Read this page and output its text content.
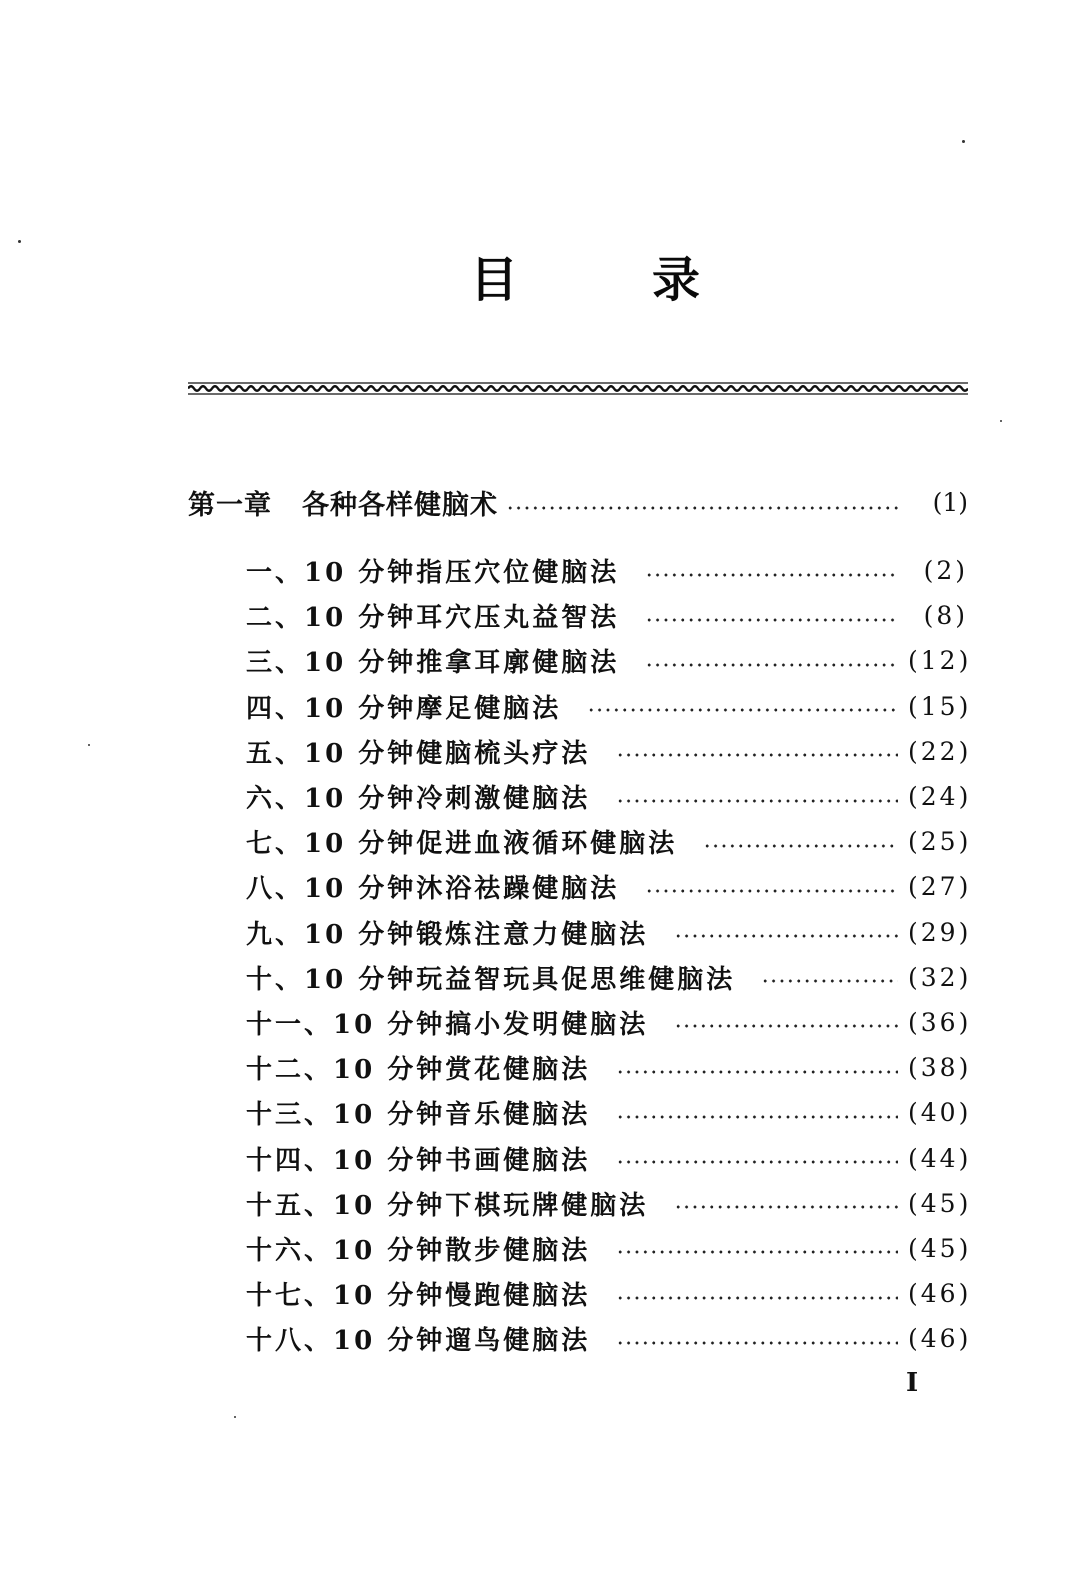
目	录
第一章 各种各样健脑术	(1)
一、10 分钟指压穴位健脑法	(2)
二、10 分钟耳穴压丸益智法	(8)
三、10 分钟推拿耳廓健脑法	(12)
四、10 分钟摩足健脑法	(15)
五、10 分钟健脑梳头疗法	(22)
六、10 分钟冷刺激健脑法	(24)
七、10 分钟促进血液循环健脑法	(25)
八、10 分钟沐浴祛躁健脑法	(27)
九、10 分钟锻炼注意力健脑法	(29)
十、10 分钟玩益智玩具促思维健脑法	(32)
十一、10 分钟搞小发明健脑法	(36)
十二、10 分钟赏花健脑法	(38)
十三、10 分钟音乐健脑法	(40)
十四、10 分钟书画健脑法	(44)
十五、10 分钟下棋玩牌健脑法	(45)
十六、10 分钟散步健脑法	(45)
十七、10 分钟慢跑健脑法	(46)
十八、10 分钟遛鸟健脑法	(46)
I
